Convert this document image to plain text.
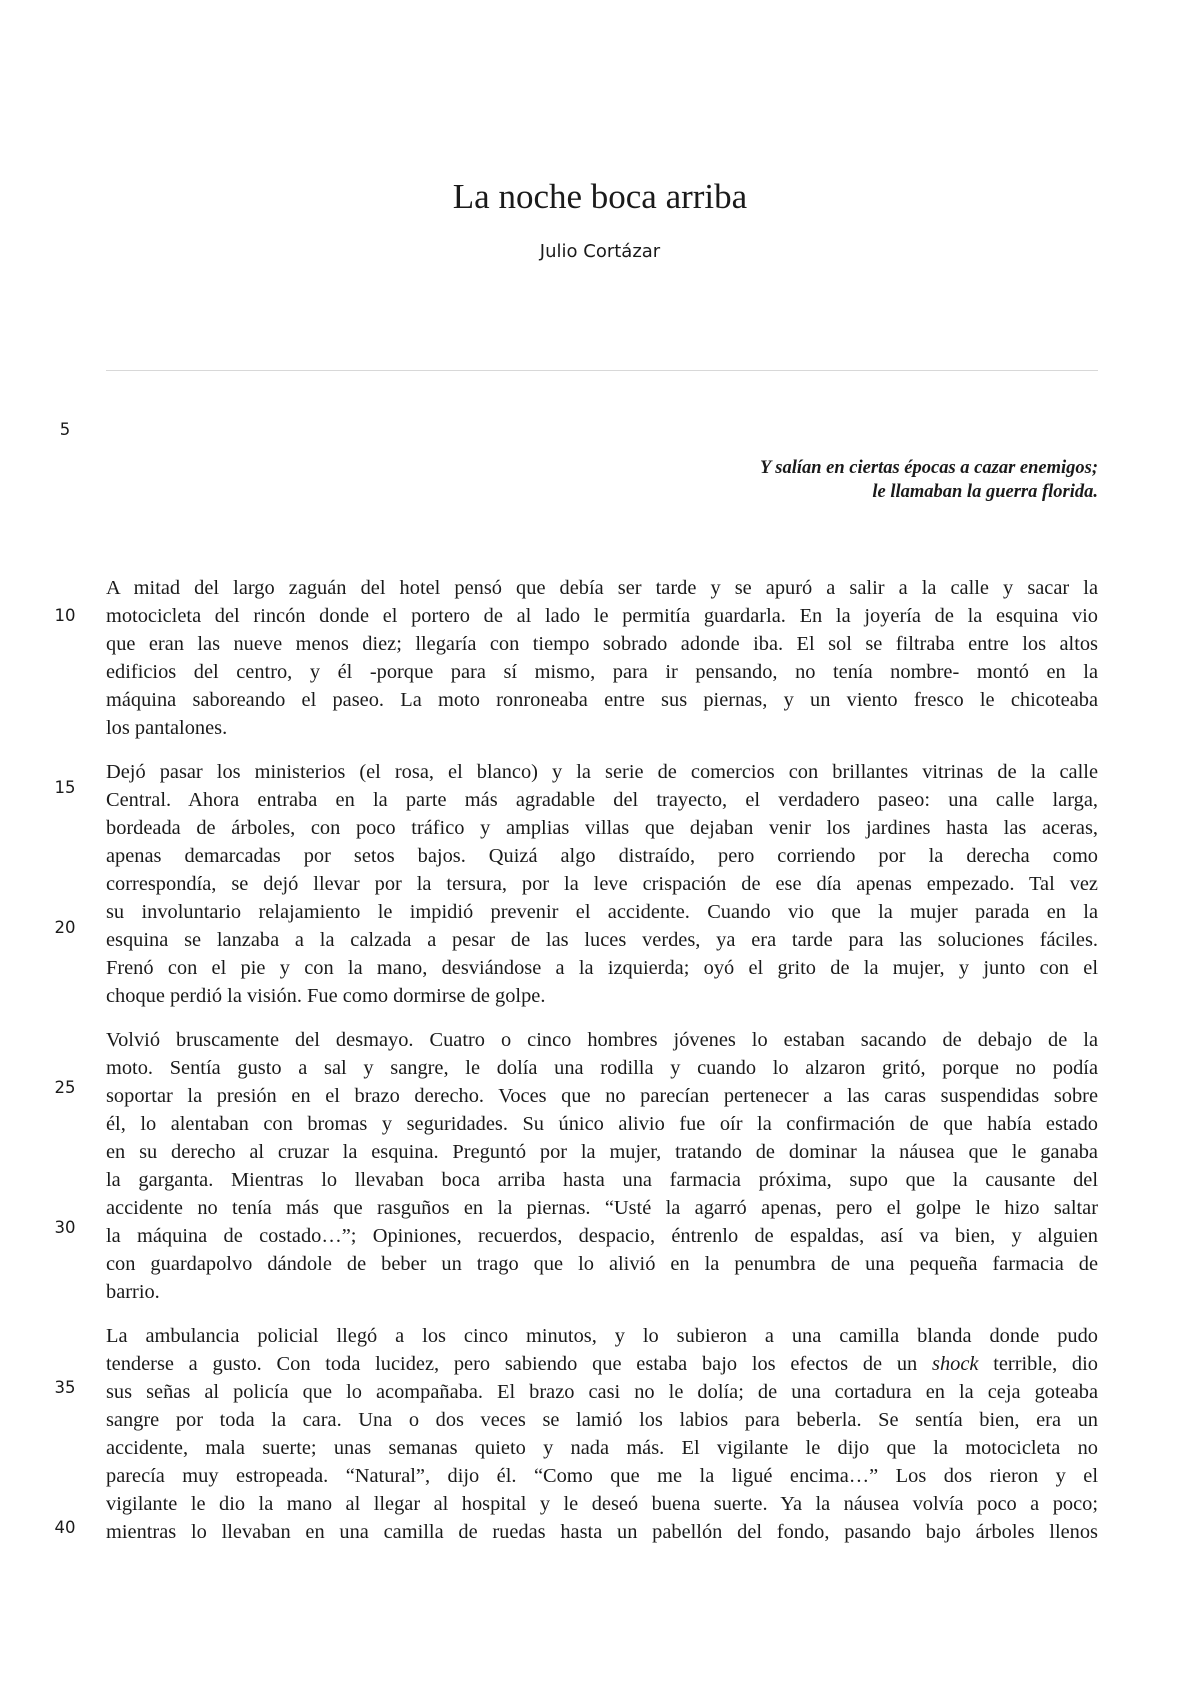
La noche boca arriba
Julio Cortázar
5
10
15
20
25
30
35
40
Y salían en ciertas épocas a cazar enemigos;
le llamaban la guerra florida.
A mitad del largo zaguán del hotel pensó que debía ser tarde y se apuró a salir a la calle y sacar la
motocicleta del rincón donde el portero de al lado le permitía guardarla. En la joyería de la esquina vio
que eran las nueve menos diez; llegaría con tiempo sobrado adonde iba. El sol se filtraba entre los altos
edificios del centro, y él -porque para sí mismo, para ir pensando, no tenía nombre- montó en la
máquina saboreando el paseo. La moto ronroneaba entre sus piernas, y un viento fresco le chicoteaba
los pantalones.
Dejó pasar los ministerios (el rosa, el blanco) y la serie de comercios con brillantes vitrinas de la calle
Central. Ahora entraba en la parte más agradable del trayecto, el verdadero paseo: una calle larga,
bordeada de árboles, con poco tráfico y amplias villas que dejaban venir los jardines hasta las aceras,
apenas demarcadas por setos bajos. Quizá algo distraído, pero corriendo por la derecha como
correspondía, se dejó llevar por la tersura, por la leve crispación de ese día apenas empezado. Tal vez
su involuntario relajamiento le impidió prevenir el accidente. Cuando vio que la mujer parada en la
esquina se lanzaba a la calzada a pesar de las luces verdes, ya era tarde para las soluciones fáciles.
Frenó con el pie y con la mano, desviándose a la izquierda; oyó el grito de la mujer, y junto con el
choque perdió la visión. Fue como dormirse de golpe.
Volvió bruscamente del desmayo. Cuatro o cinco hombres jóvenes lo estaban sacando de debajo de la
moto. Sentía gusto a sal y sangre, le dolía una rodilla y cuando lo alzaron gritó, porque no podía
soportar la presión en el brazo derecho. Voces que no parecían pertenecer a las caras suspendidas sobre
él, lo alentaban con bromas y seguridades. Su único alivio fue oír la confirmación de que había estado
en su derecho al cruzar la esquina. Preguntó por la mujer, tratando de dominar la náusea que le ganaba
la garganta. Mientras lo llevaban boca arriba hasta una farmacia próxima, supo que la causante del
accidente no tenía más que rasguños en la piernas. “Usté la agarró apenas, pero el golpe le hizo saltar
la máquina de costado…”; Opiniones, recuerdos, despacio, éntrenlo de espaldas, así va bien, y alguien
con guardapolvo dándole de beber un trago que lo alivió en la penumbra de una pequeña farmacia de
barrio.
La ambulancia policial llegó a los cinco minutos, y lo subieron a una camilla blanda donde pudo
tenderse a gusto. Con toda lucidez, pero sabiendo que estaba bajo los efectos de un shock terrible, dio
sus señas al policía que lo acompañaba. El brazo casi no le dolía; de una cortadura en la ceja goteaba
sangre por toda la cara. Una o dos veces se lamió los labios para beberla. Se sentía bien, era un
accidente, mala suerte; unas semanas quieto y nada más. El vigilante le dijo que la motocicleta no
parecía muy estropeada. “Natural”, dijo él. “Como que me la ligué encima…” Los dos rieron y el
vigilante le dio la mano al llegar al hospital y le deseó buena suerte. Ya la náusea volvía poco a poco;
mientras lo llevaban en una camilla de ruedas hasta un pabellón del fondo, pasando bajo árboles llenos
